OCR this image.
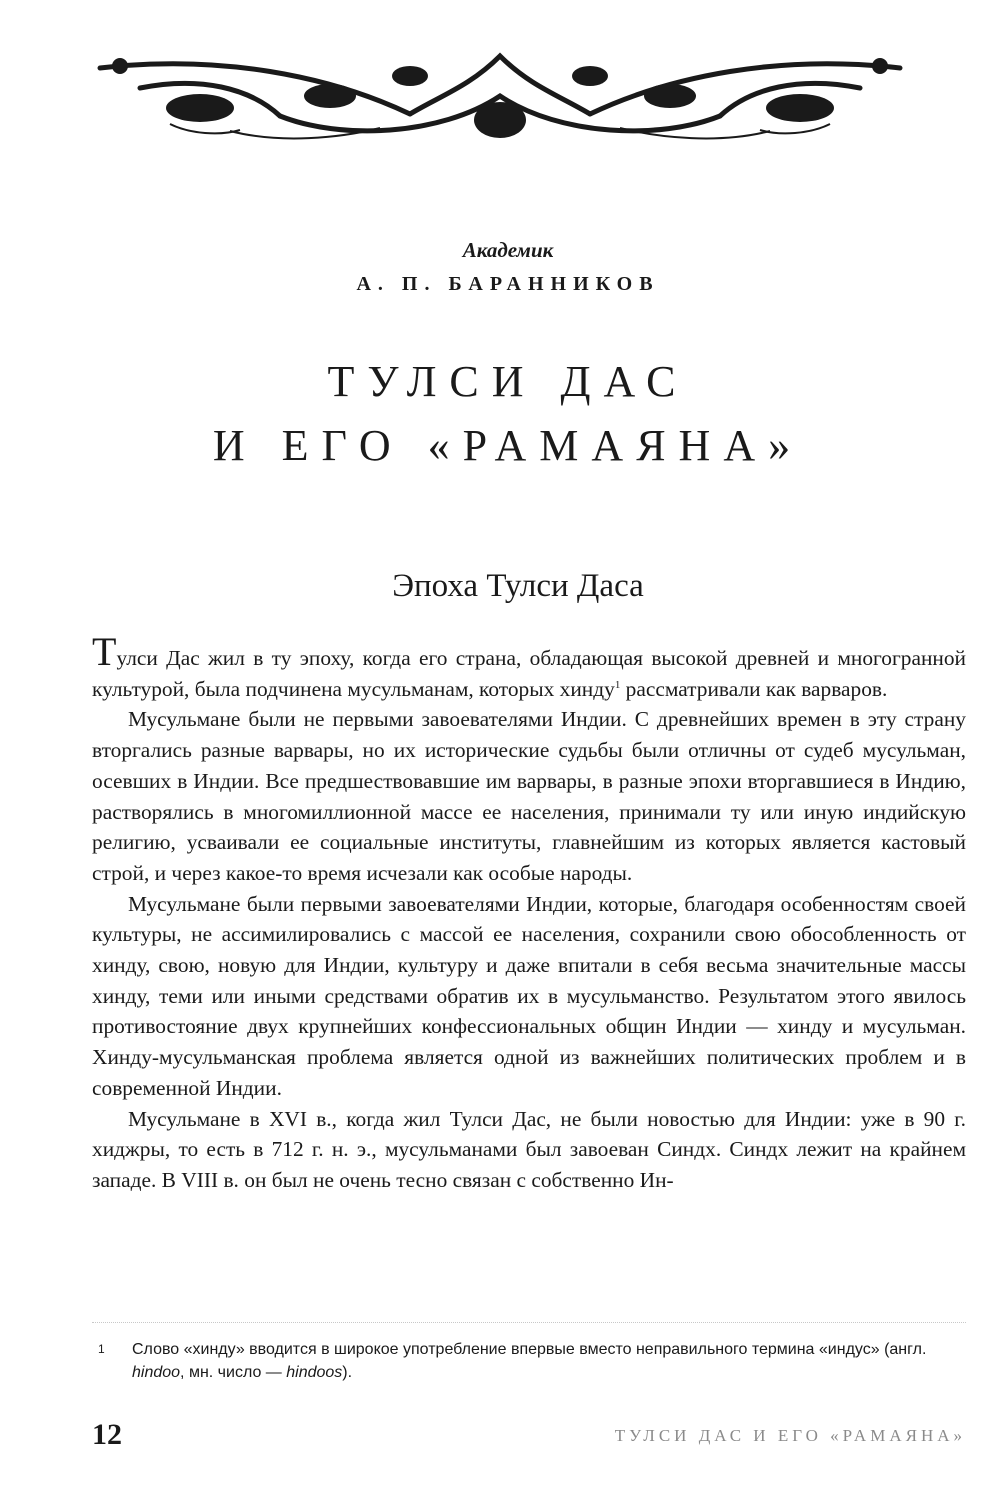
Академик
А. П. БАРАННИКОВ
ТУЛСИ ДАС
И ЕГО «РАМАЯНА»
Эпоха Тулси Даса

Тулси Дас жил в ту эпоху, когда его страна, обладающая высокой древней и многогранной культурой, была подчинена мусульманам, которых хинду$^1$ рассматривали как варваров.

Мусульмане были не первыми завоевателями Индии. С древнейших времен в эту страну вторгались разные варвары, но их исторические судьбы были отличны от судеб мусульман, осевших в Индии. Все предшествовавшие им варвары, в разные эпохи вторгавшиеся в Индию, растворялись в многомиллионной массе ее населения, принимали ту или иную индийскую религию, усваивали ее социальные институты, главнейшим из которых является кастовый строй, и через какое-то время исчезали как особые народы.

Мусульмане были первыми завоевателями Индии, которые, благодаря особенностям своей культуры, не ассимилировались с массой ее населения, сохранили свою обособленность от хинду, свою, новую для Индии, культуру и даже впитали в себя весьма значительные массы хинду, теми или иными средствами обратив их в мусульманство. Результатом этого явилось противостояние двух крупнейших конфессиональных общин Индии — хинду и мусульман. Хинду-мусульманская проблема является одной из важнейших политических проблем и в современной Индии.

Мусульмане в XVI в., когда жил Тулси Дас, не были новостью для Индии: уже в 90 г. хиджры, то есть в 712 г. н. э., мусульманами был завоеван Синдх. Синдх лежит на крайнем западе. В VIII в. он был не очень тесно связан с собственно Ин-

1 Слово «хинду» вводится в широкое употребление впервые вместо неправильного термина «индус» (англ. hindoo, мн. число — hindoos).
12	ТУЛСИ ДАС И ЕГО «РАМАЯНА»
